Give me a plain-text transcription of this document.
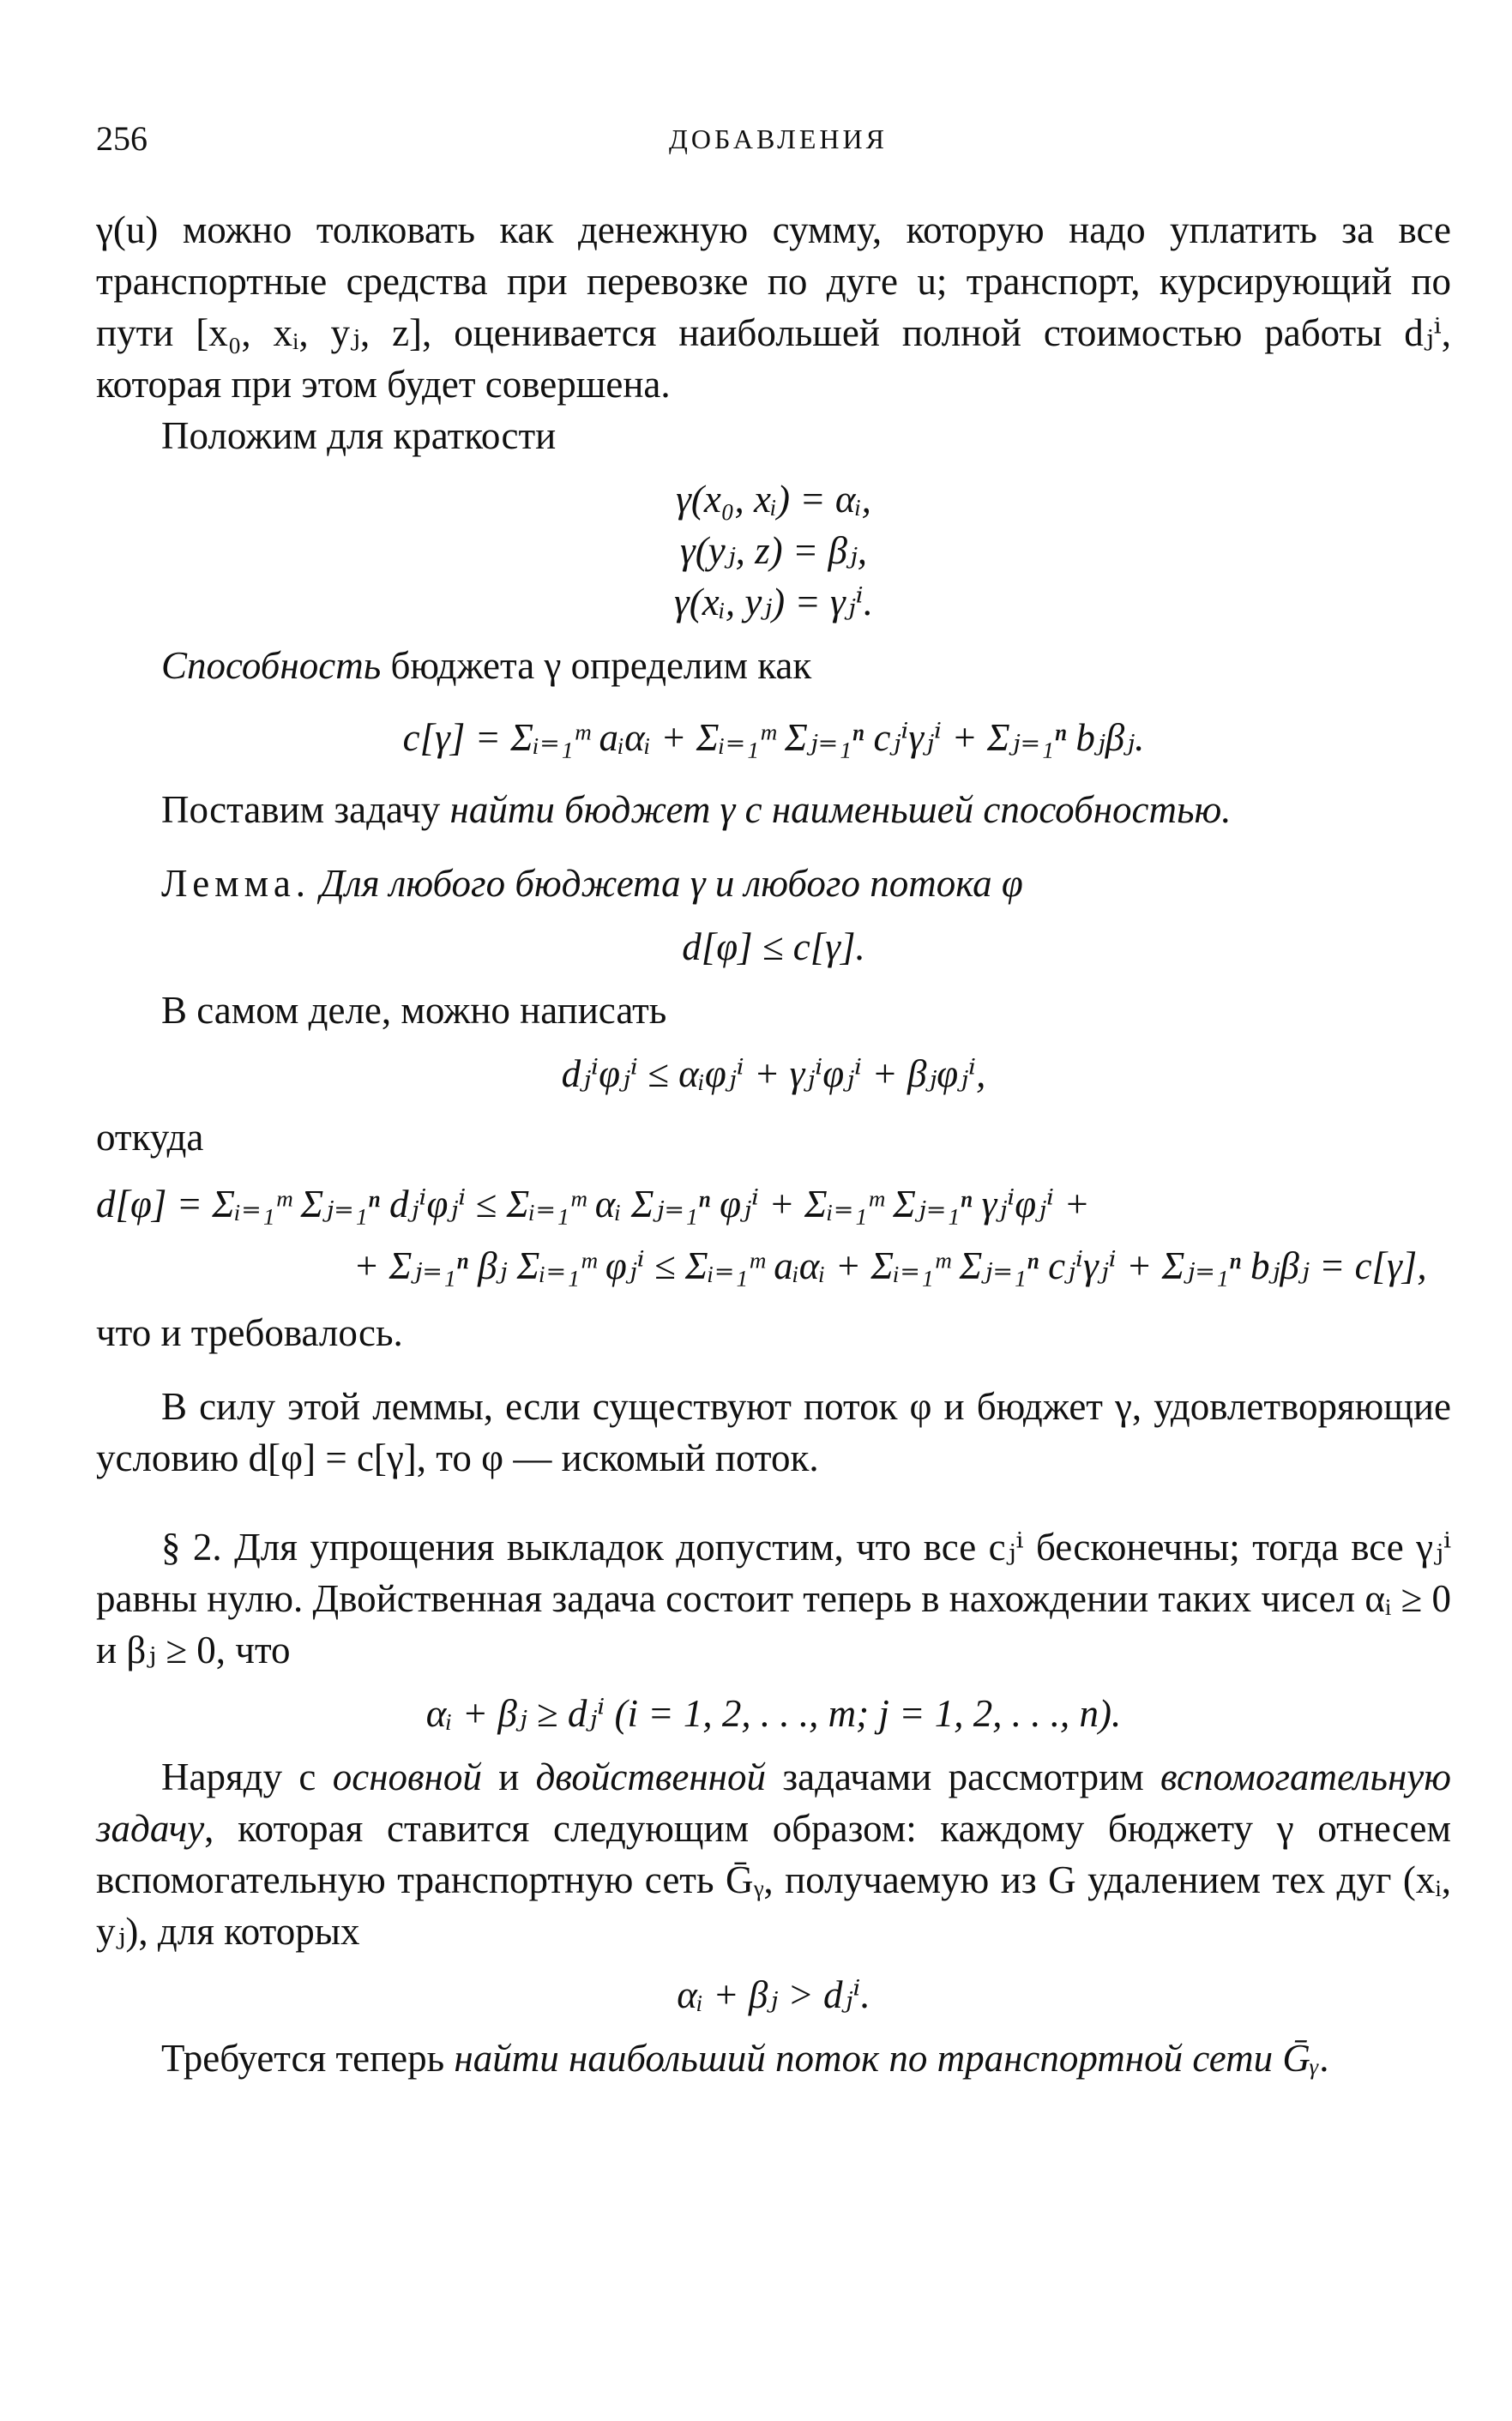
256	ДОБАВЛЕНИЯ

γ(u) можно толковать как денежную сумму, которую надо уплатить за все транспортные средства при перевозке по дуге u; транспорт, курсирующий по пути [x₀, xᵢ, yⱼ, z], оценивается наибольшей полной стоимостью работы dⱼⁱ, которая при этом будет совершена.

Положим для краткости

γ(x₀, xᵢ) = αᵢ,
γ(yⱼ, z) = βⱼ,
γ(xᵢ, yⱼ) = γⱼⁱ.

Способность бюджета γ определим как

c[γ] = Σᵢ₌₁ᵐ aᵢαᵢ + Σᵢ₌₁ᵐ Σⱼ₌₁ⁿ cⱼⁱγⱼⁱ + Σⱼ₌₁ⁿ bⱼβⱼ.

Поставим задачу найти бюджет γ с наименьшей способностью.

Лемма. Для любого бюджета γ и любого потока φ

d[φ] ≤ c[γ].

В самом деле, можно написать

dⱼⁱφⱼⁱ ≤ αᵢφⱼⁱ + γⱼⁱφⱼⁱ + βⱼφⱼⁱ,

откуда

d[φ] = Σᵢ₌₁ᵐ Σⱼ₌₁ⁿ dⱼⁱφⱼⁱ ≤ Σᵢ₌₁ᵐ αᵢ Σⱼ₌₁ⁿ φⱼⁱ + Σᵢ₌₁ᵐ Σⱼ₌₁ⁿ γⱼⁱφⱼⁱ +
+ Σⱼ₌₁ⁿ βⱼ Σᵢ₌₁ᵐ φⱼⁱ ≤ Σᵢ₌₁ᵐ aᵢαᵢ + Σᵢ₌₁ᵐ Σⱼ₌₁ⁿ cⱼⁱγⱼⁱ + Σⱼ₌₁ⁿ bⱼβⱼ = c[γ],

что и требовалось.

В силу этой леммы, если существуют поток φ и бюджет γ, удовлетворяющие условию d[φ] = c[γ], то φ — искомый поток.

§ 2. Для упрощения выкладок допустим, что все cⱼⁱ бесконечны; тогда все γⱼⁱ равны нулю. Двойственная задача состоит теперь в нахождении таких чисел αᵢ ≥ 0 и βⱼ ≥ 0, что

αᵢ + βⱼ ≥ dⱼⁱ (i = 1, 2, . . ., m; j = 1, 2, . . ., n).

Наряду с основной и двойственной задачами рассмотрим вспомогательную задачу, которая ставится следующим образом: каждому бюджету γ отнесем вспомогательную транспортную сеть Ḡᵧ, получаемую из G удалением тех дуг (xᵢ, yⱼ), для которых

αᵢ + βⱼ > dⱼⁱ.

Требуется теперь найти наибольший поток по транспортной сети Ḡᵧ.
